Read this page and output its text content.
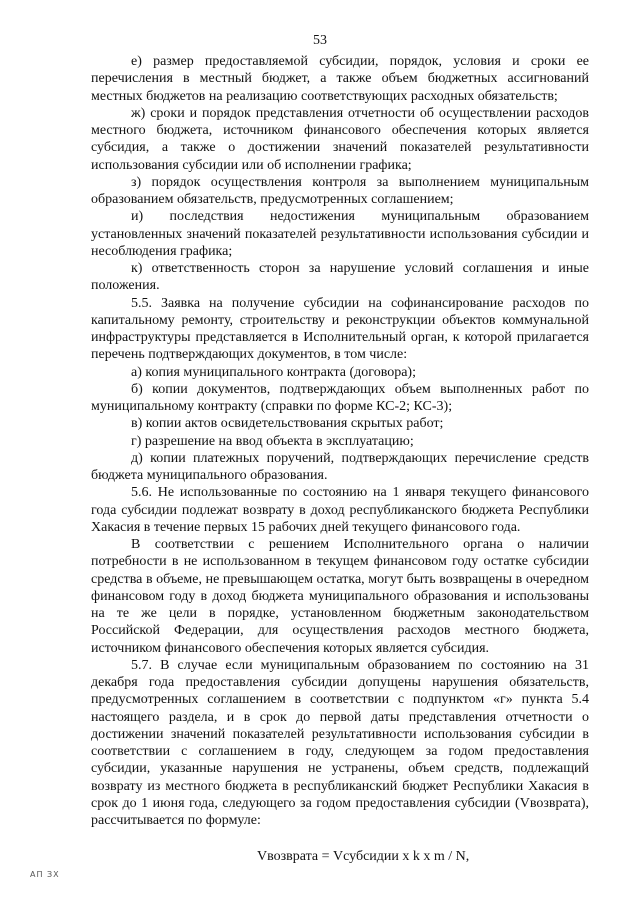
53

е) размер предоставляемой субсидии, порядок, условия и сроки ее перечисления в местный бюджет, а также объем бюджетных ассигнований местных бюджетов на реализацию соответствующих расходных обязательств;

ж) сроки и порядок представления отчетности об осуществлении расходов местного бюджета, источником финансового обеспечения которых является субсидия, а также о достижении значений показателей результативности использования субсидии или об исполнении графика;

з) порядок осуществления контроля за выполнением муниципальным образованием обязательств, предусмотренных соглашением;

и) последствия недостижения муниципальным образованием установленных значений показателей результативности использования субсидии и несоблюдения графика;

к) ответственность сторон за нарушение условий соглашения и иные положения.

5.5. Заявка на получение субсидии на софинансирование расходов по капитальному ремонту, строительству и реконструкции объектов коммунальной инфраструктуры представляется в Исполнительный орган, к которой прилагается перечень подтверждающих документов, в том числе:

а) копия муниципального контракта (договора);

б) копии документов, подтверждающих объем выполненных работ по муниципальному контракту (справки по форме КС-2; КС-3);

в) копии актов освидетельствования скрытых работ;

г) разрешение на ввод объекта в эксплуатацию;

д) копии платежных поручений, подтверждающих перечисление средств бюджета муниципального образования.

5.6. Не использованные по состоянию на 1 января текущего финансового года субсидии подлежат возврату в доход республиканского бюджета Республики Хакасия в течение первых 15 рабочих дней текущего финансового года.

В соответствии с решением Исполнительного органа о наличии потребности в не использованном в текущем финансовом году остатке субсидии средства в объеме, не превышающем остатка, могут быть возвращены в очередном финансовом году в доход бюджета муниципального образования и использованы на те же цели в порядке, установленном бюджетным законодательством Российской Федерации, для осуществления расходов местного бюджета, источником финансового обеспечения которых является субсидия.

5.7. В случае если муниципальным образованием по состоянию на 31 декабря года предоставления субсидии допущены нарушения обязательств, предусмотренных соглашением в соответствии с подпунктом «г» пункта 5.4 настоящего раздела, и в срок до первой даты представления отчетности о достижении значений показателей результативности использования субсидии в соответствии с соглашением в году, следующем за годом предоставления субсидии, указанные нарушения не устранены, объем средств, подлежащий возврату из местного бюджета в республиканский бюджет Республики Хакасия в срок до 1 июня года, следующего за годом предоставления субсидии (Vвозврата), рассчитывается по формуле:

Vвозврата = Vсубсидии х k х m / N,

АП ЗХ
